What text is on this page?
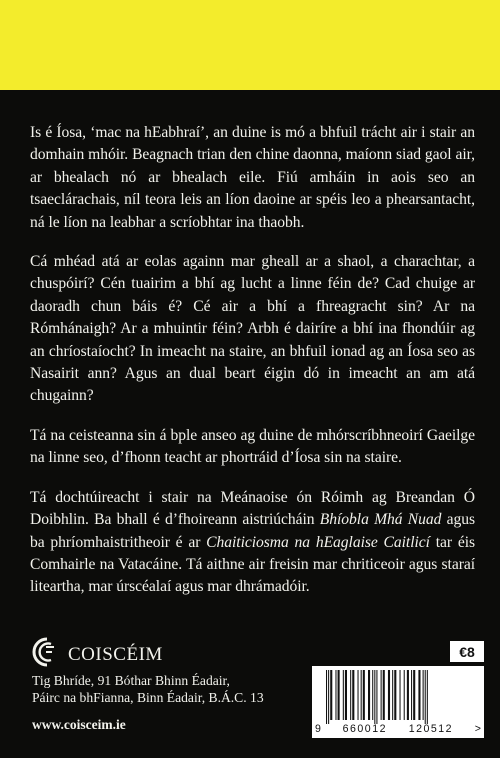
Is é Íosa, ‘mac na hEabhraí’, an duine is mó a bhfuil trácht air i stair an domhain mhóir. Beagnach trian den chine daonna, maíonn siad gaol air, ar bhealach nó ar bhealach eile. Fiú amháin in aois seo an tsaeclárachais, níl teora leis an líon daoine ar spéis leo a phearsantacht, ná le líon na leabhar a scríobhtar ina thaobh.

Cá mhéad atá ar eolas againn mar gheall ar a shaol, a charachtar, a chuspóirí? Cén tuairim a bhí ag lucht a linne féin de? Cad chuige ar daoradh chun báis é? Cé air a bhí a fhreagracht sin? Ar na Rómhánaigh? Ar a mhuintir féin? Arbh é dairíre a bhí ina fhondúir ag an chríostaíocht? In imeacht na staire, an bhfuil ionad ag an Íosa seo as Nasairit ann? Agus an dual beart éigin dó in imeacht an am atá chugainn?

Tá na ceisteanna sin á bple anseo ag duine de mhórscríbhneoirí Gaeilge na linne seo, d’fhonn teacht ar phortráid d’Íosa sin na staire.

Tá dochtúireacht i stair na Meánaoise ón Róimh ag Breandan Ó Doibhlin. Ba bhall é d’fhoireann aistriúcháin Bhíobla Mhá Nuad agus ba phríomhaistritheoir é ar Chaiticiosma na hEaglaise Caitlicí tar éis Comhairle na Vatacáine. Tá aithne air freisin mar chriticeoir agus staraí liteartha, mar úrscéalaí agus mar dhrámadóir.

COISCÉIM
Tig Bhríde, 91 Bóthar Bhinn Éadair,
Páirc na bhFianna, Binn Éadair, B.Á.C. 13
www.coisceim.ie
€8
9 660012 120512 >
